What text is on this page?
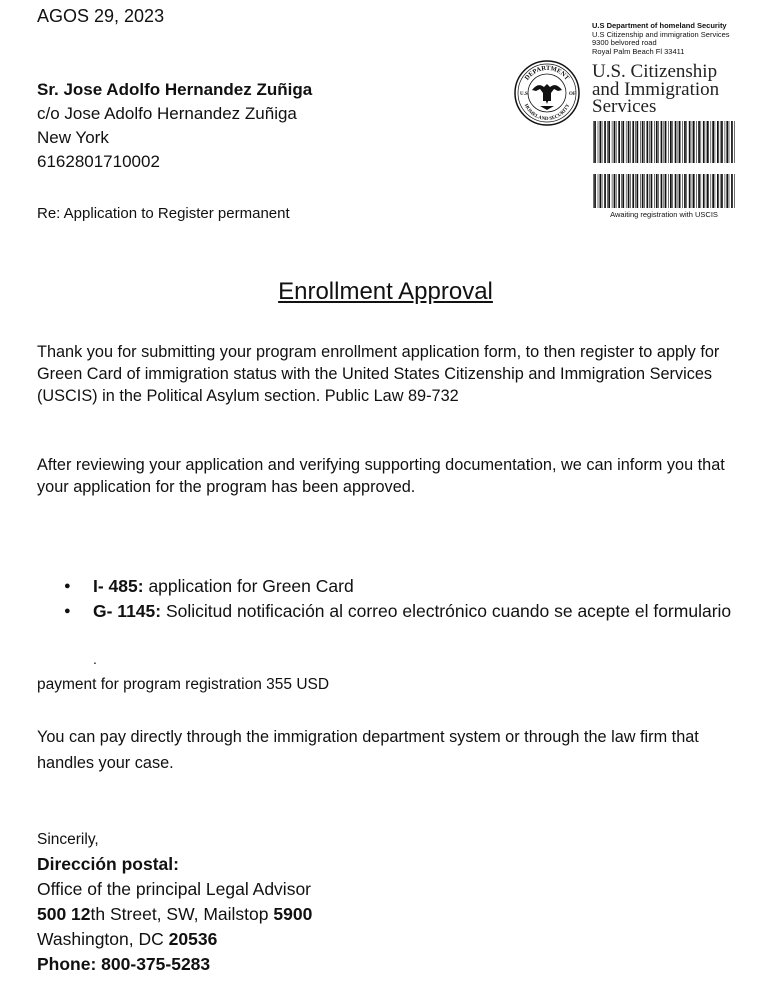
AGOS 29, 2023
Sr. Jose Adolfo Hernandez Zuñiga
c/o Jose Adolfo Hernandez Zuñiga
New York
6162801710002
Re: Application to Register permanent
U.S Department of homeland Security
U.S Citizenship and immigration Services
9300 belvored road
Royal Palm Beach Fl 33411
DEPARTMENT
HOMELAND SECURITY
U.S.	OF
U.S. Citizenship
and Immigration
Services
Awaiting registration with USCIS
Enrollment Approval
Thank you for submitting your program enrollment application form, to then register to apply for Green Card of immigration status with the United States Citizenship and Immigration Services (USCIS) in the Political Asylum section. Public Law 89-732
After reviewing your application and verifying supporting documentation, we can inform you that your application for the program has been approved.
● I- 485: application for Green Card
● G- 1145: Solicitud notificación al correo electrónico cuando se acepte el formulario
.
payment for program registration 355 USD
You can pay directly through the immigration department system or through the law firm that handles your case.
Sincerily,
Dirección postal:
Office of the principal Legal Advisor
500 12th Street, SW, Mailstop 5900
Washington, DC 20536
Phone: 800-375-5283
